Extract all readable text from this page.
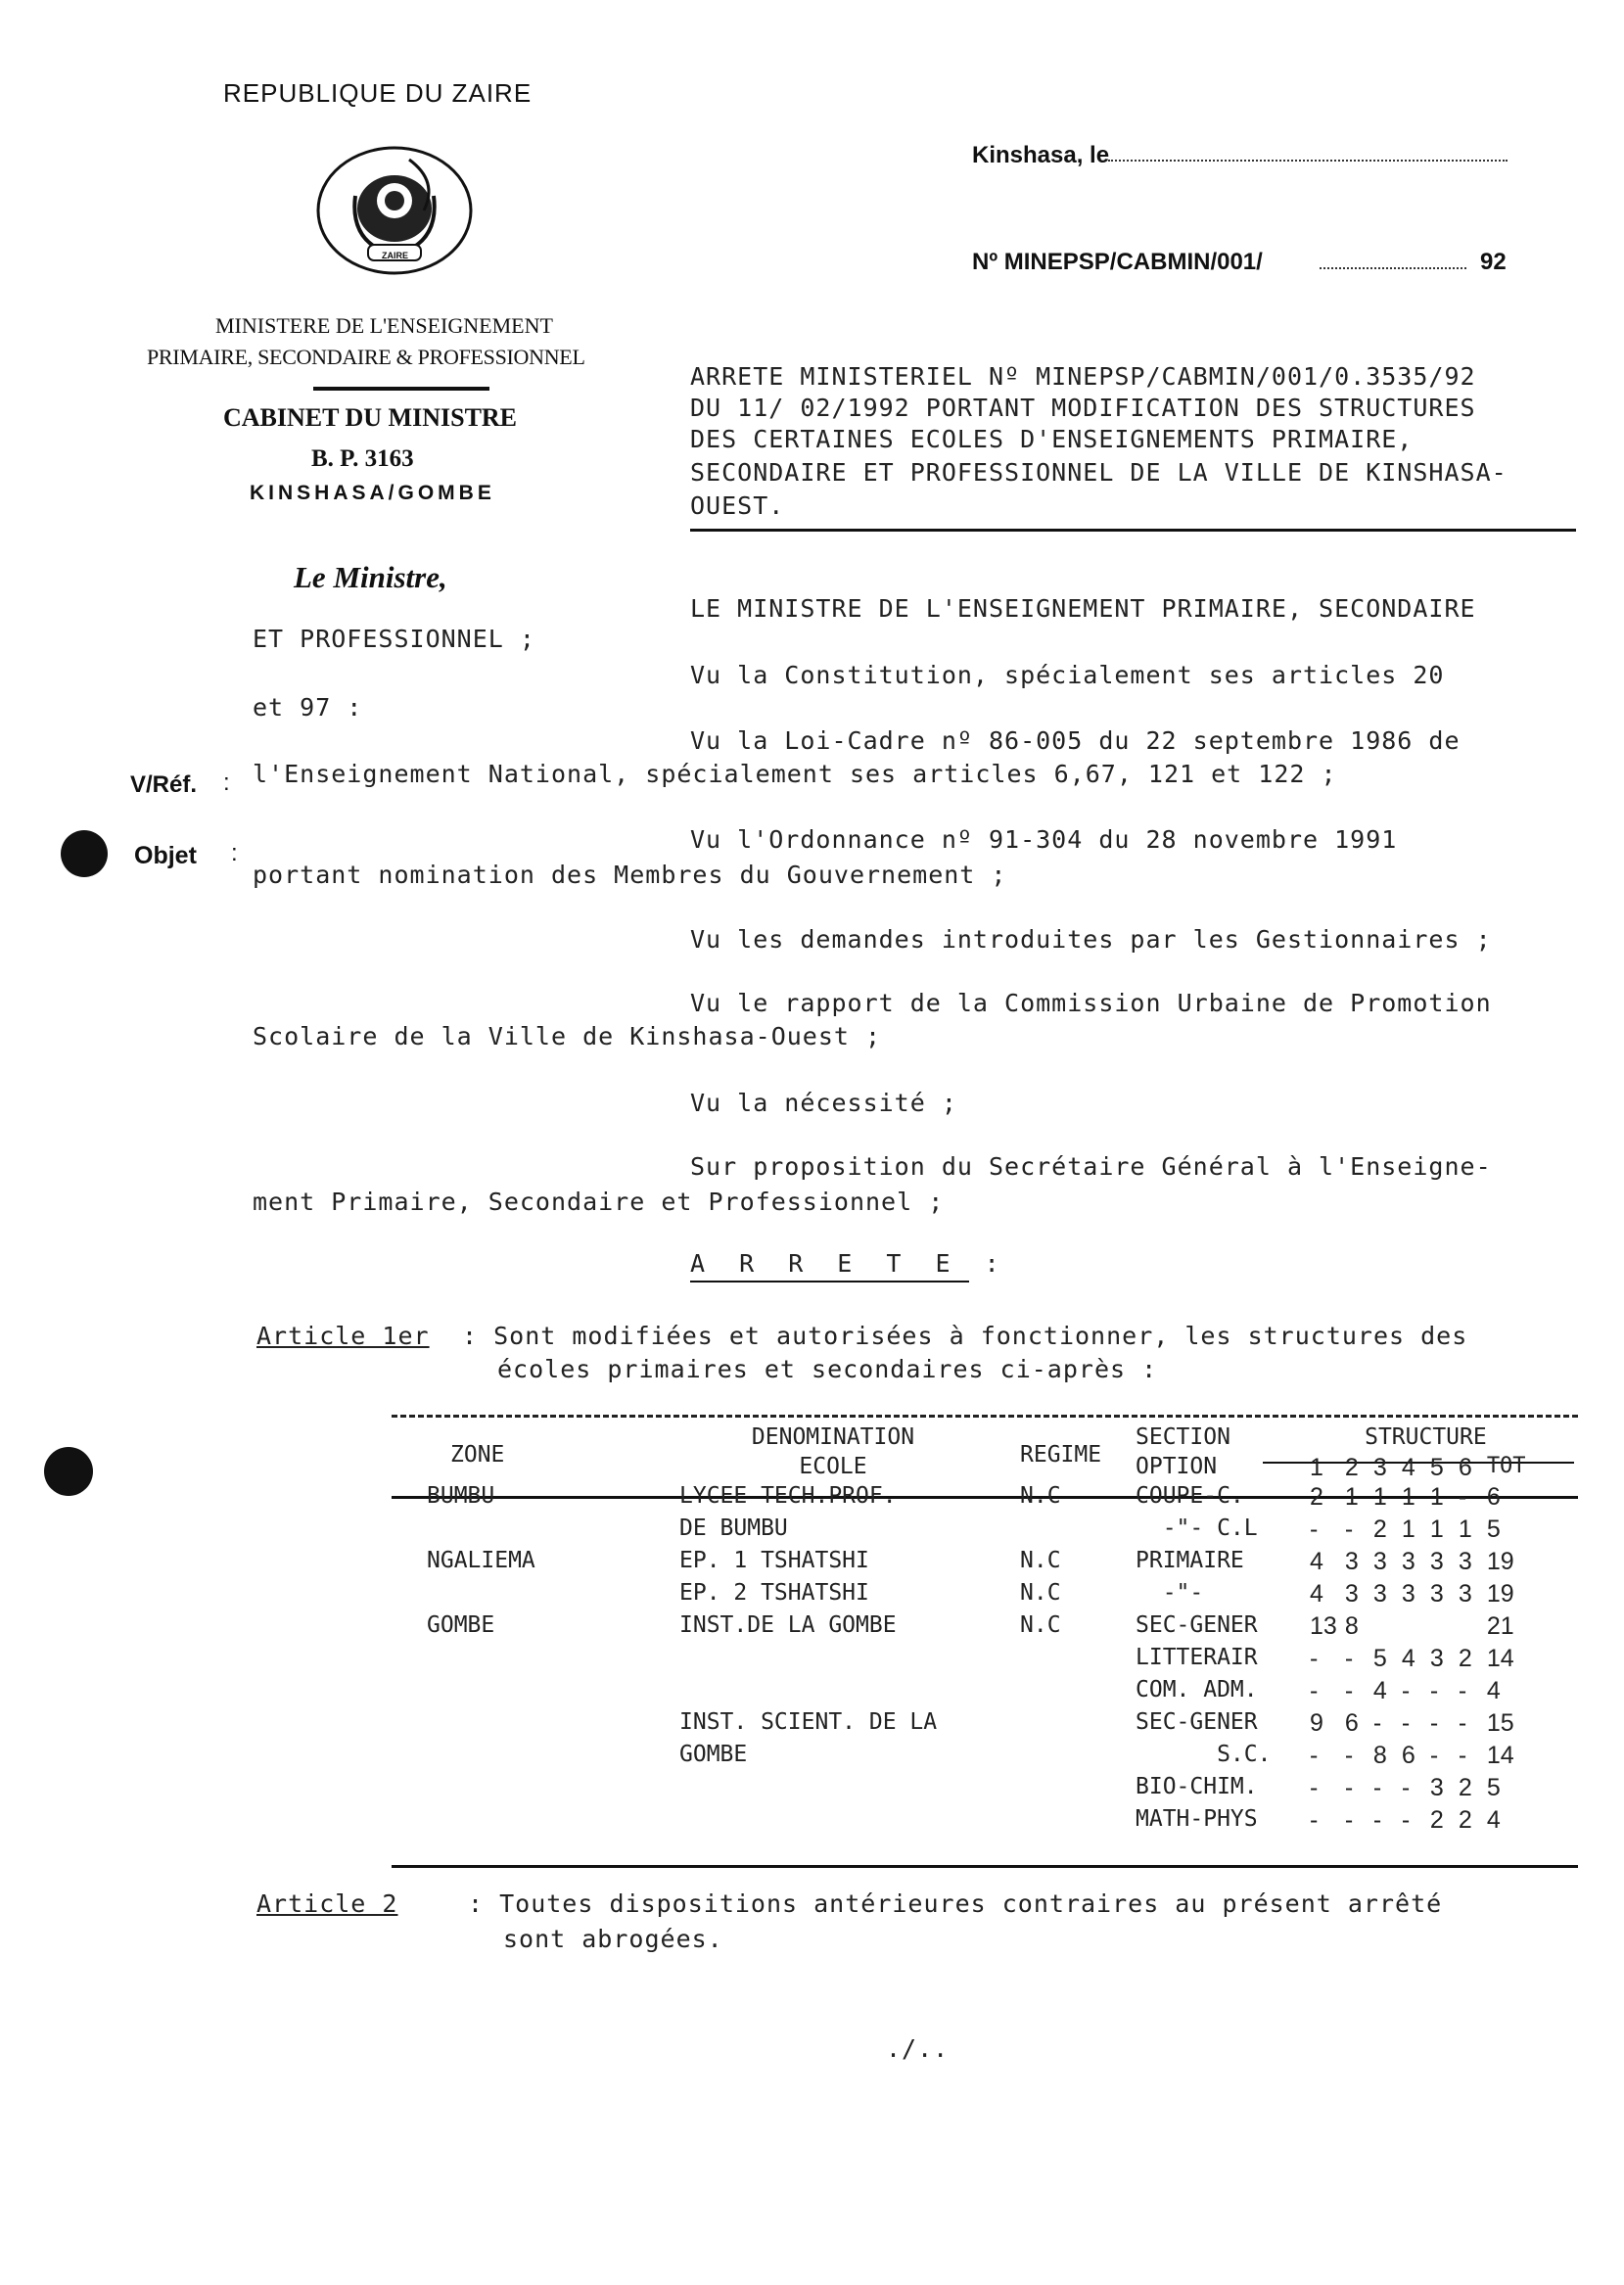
REPUBLIQUE DU ZAIRE
ZAIRE
MINISTERE DE L'ENSEIGNEMENT
PRIMAIRE, SECONDAIRE & PROFESSIONNEL
CABINET DU MINISTRE
B. P. 3163
KINSHASA/GOMBE
Le Ministre,
Kinshasa, le
Nº MINEPSP/CABMIN/001/	92
V/Réf. :
Objet :
ARRETE MINISTERIEL Nº MINEPSP/CABMIN/001/0.3535/92
DU 11/ 02/1992 PORTANT MODIFICATION DES STRUCTURES
DES CERTAINES ECOLES D'ENSEIGNEMENTS PRIMAIRE,
SECONDAIRE ET PROFESSIONNEL DE LA VILLE DE KINSHASA-
OUEST.
LE MINISTRE DE L'ENSEIGNEMENT PRIMAIRE, SECONDAIRE
ET PROFESSIONNEL ;
Vu la Constitution, spécialement ses articles 20
et 97 :
Vu la Loi-Cadre nº 86-005 du 22 septembre 1986 de
l'Enseignement National, spécialement ses articles 6,67, 121 et 122 ;
Vu l'Ordonnance nº 91-304 du 28 novembre 1991
portant nomination des Membres du Gouvernement ;
Vu les demandes introduites par les Gestionnaires ;
Vu le rapport de la Commission Urbaine de Promotion
Scolaire de la Ville de Kinshasa-Ouest ;
Vu la nécessité ;
Sur proposition du Secrétaire Général à l'Enseigne-
ment Primaire, Secondaire et Professionnel ;
A R R E T E :
Article 1er : Sont modifiées et autorisées à fonctionner, les structures des
écoles primaires et secondaires ci-après :
ZONE	DENOMINATION	REGIME	SECTION	STRUCTURE						
	ECOLE		OPTION	1	2	3	4	5	6	TOT
BUMBU	LYCEE TECH.PROF.	N.C	COUPE-C.	2	1	1	1	1	-	6
	DE BUMBU		-"- C.L	-	-	2	1	1	1	5
NGALIEMA	EP. 1 TSHATSHI	N.C	PRIMAIRE	4	3	3	3	3	3	19
	EP. 2 TSHATSHI	N.C	-"-	4	3	3	3	3	3	19
GOMBE	INST.DE LA GOMBE	N.C	SEC-GENER	13	8					21
			LITTERAIR	-	-	5	4	3	2	14
			COM. ADM.	-	-	4	-	-	-	4
	INST. SCIENT. DE LA		SEC-GENER	9	6	-	-	-	-	15
	GOMBE		S.C.	-	-	8	6	-	-	14
			BIO-CHIM.	-	-	-	-	3	2	5
			MATH-PHYS	-	-	-	-	2	2	4
Article 2	: Toutes dispositions antérieures contraires au présent arrêté
sont abrogées.
./..
